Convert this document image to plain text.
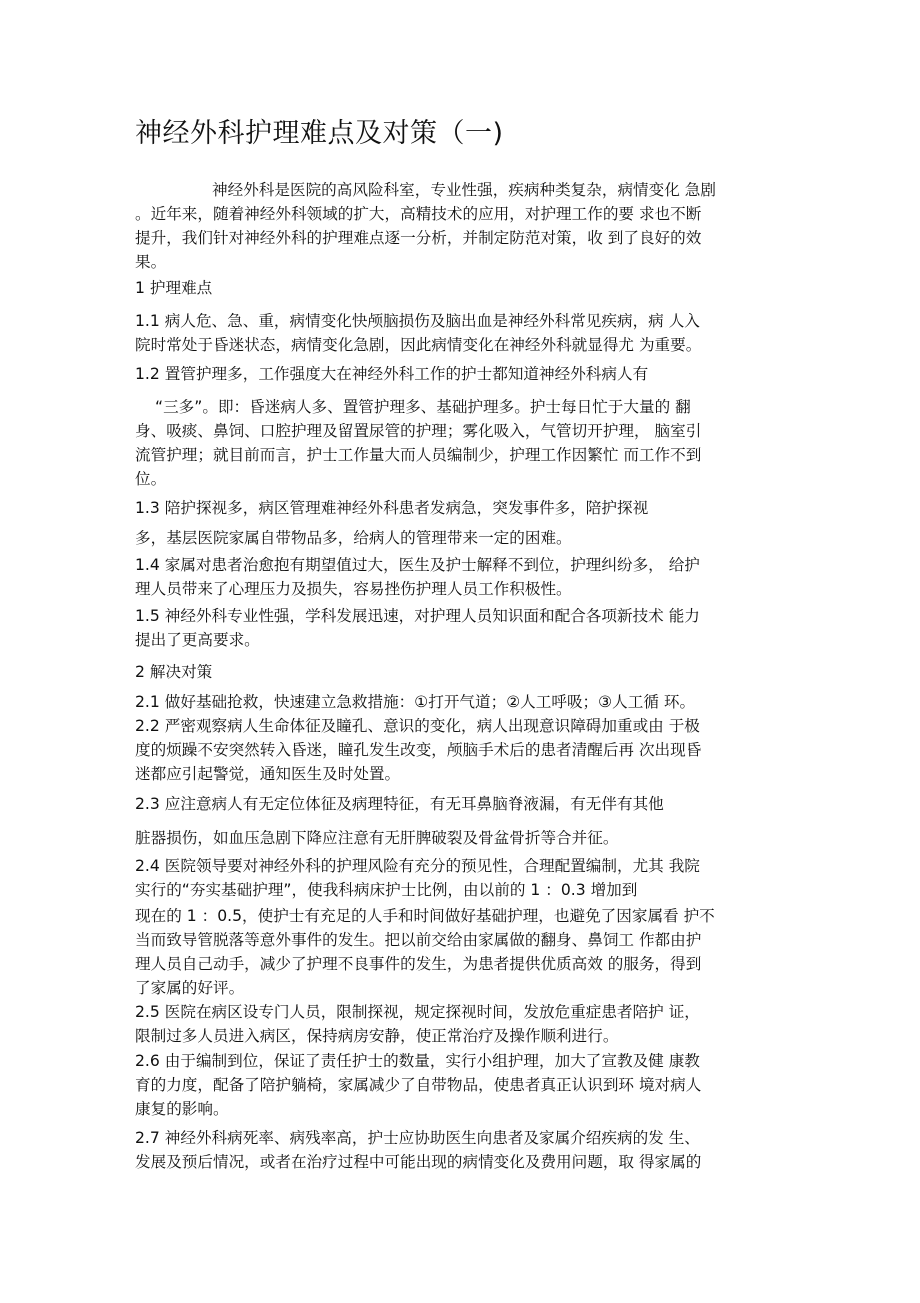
神经外科护理难点及对策（一)

神经外科是医院的高风险科室，专业性强，疾病种类复杂，病情变化 急剧

。近年来，随着神经外科领域的扩大，高精技术的应用，对护理工作的要 求也不断

提升，我们针对神经外科的护理难点逐一分析，并制定防范对策，收 到了良好的效

果。

1 护理难点

1.1 病人危、急、重，病情变化快颅脑损伤及脑出血是神经外科常见疾病，病 人入

院时常处于昏迷状态，病情变化急剧，因此病情变化在神经外科就显得尤 为重要。

1.2 置管护理多，工作强度大在神经外科工作的护士都知道神经外科病人有

“三多”。即：昏迷病人多、置管护理多、基础护理多。护士每日忙于大量的 翻

身、吸痰、鼻饲、口腔护理及留置尿管的护理；雾化吸入，气管切开护理， 脑室引

流管护理；就目前而言，护士工作量大而人员编制少，护理工作因繁忙 而工作不到

位。

1.3 陪护探视多，病区管理难神经外科患者发病急，突发事件多，陪护探视

多，基层医院家属自带物品多，给病人的管理带来一定的困难。

1.4 家属对患者治愈抱有期望值过大，医生及护士解释不到位，护理纠纷多， 给护

理人员带来了心理压力及损失，容易挫伤护理人员工作积极性。

1.5 神经外科专业性强，学科发展迅速，对护理人员知识面和配合各项新技术 能力

提出了更高要求。

2 解决对策

2.1 做好基础抢救，快速建立急救措施：①打开气道；②人工呼吸；③人工循 环。

2.2 严密观察病人生命体征及瞳孔、意识的变化，病人出现意识障碍加重或由 于极

度的烦躁不安突然转入昏迷，瞳孔发生改变，颅脑手术后的患者清醒后再 次出现昏

迷都应引起警觉，通知医生及时处置。

2.3 应注意病人有无定位体征及病理特征，有无耳鼻脑脊液漏，有无伴有其他

脏器损伤，如血压急剧下降应注意有无肝脾破裂及骨盆骨折等合并征。

2.4 医院领导要对神经外科的护理风险有充分的预见性，合理配置编制，尤其 我院

实行的“夯实基础护理”，使我科病床护士比例，由以前的 1 ：0.3 增加到

现在的 1 ：0.5，使护士有充足的人手和时间做好基础护理，也避免了因家属看 护不

当而致导管脱落等意外事件的发生。把以前交给由家属做的翻身、鼻饲工 作都由护

理人员自己动手，减少了护理不良事件的发生，为患者提供优质高效 的服务，得到

了家属的好评。

2.5 医院在病区设专门人员，限制探视，规定探视时间，发放危重症患者陪护 证，

限制过多人员进入病区，保持病房安静，使正常治疗及操作顺利进行。

2.6 由于编制到位，保证了责任护士的数量，实行小组护理，加大了宣教及健 康教

育的力度，配备了陪护躺椅，家属减少了自带物品，使患者真正认识到环 境对病人

康复的影响。

2.7 神经外科病死率、病残率高，护士应协助医生向患者及家属介绍疾病的发 生、

发展及预后情况，或者在治疗过程中可能出现的病情变化及费用问题，取 得家属的
